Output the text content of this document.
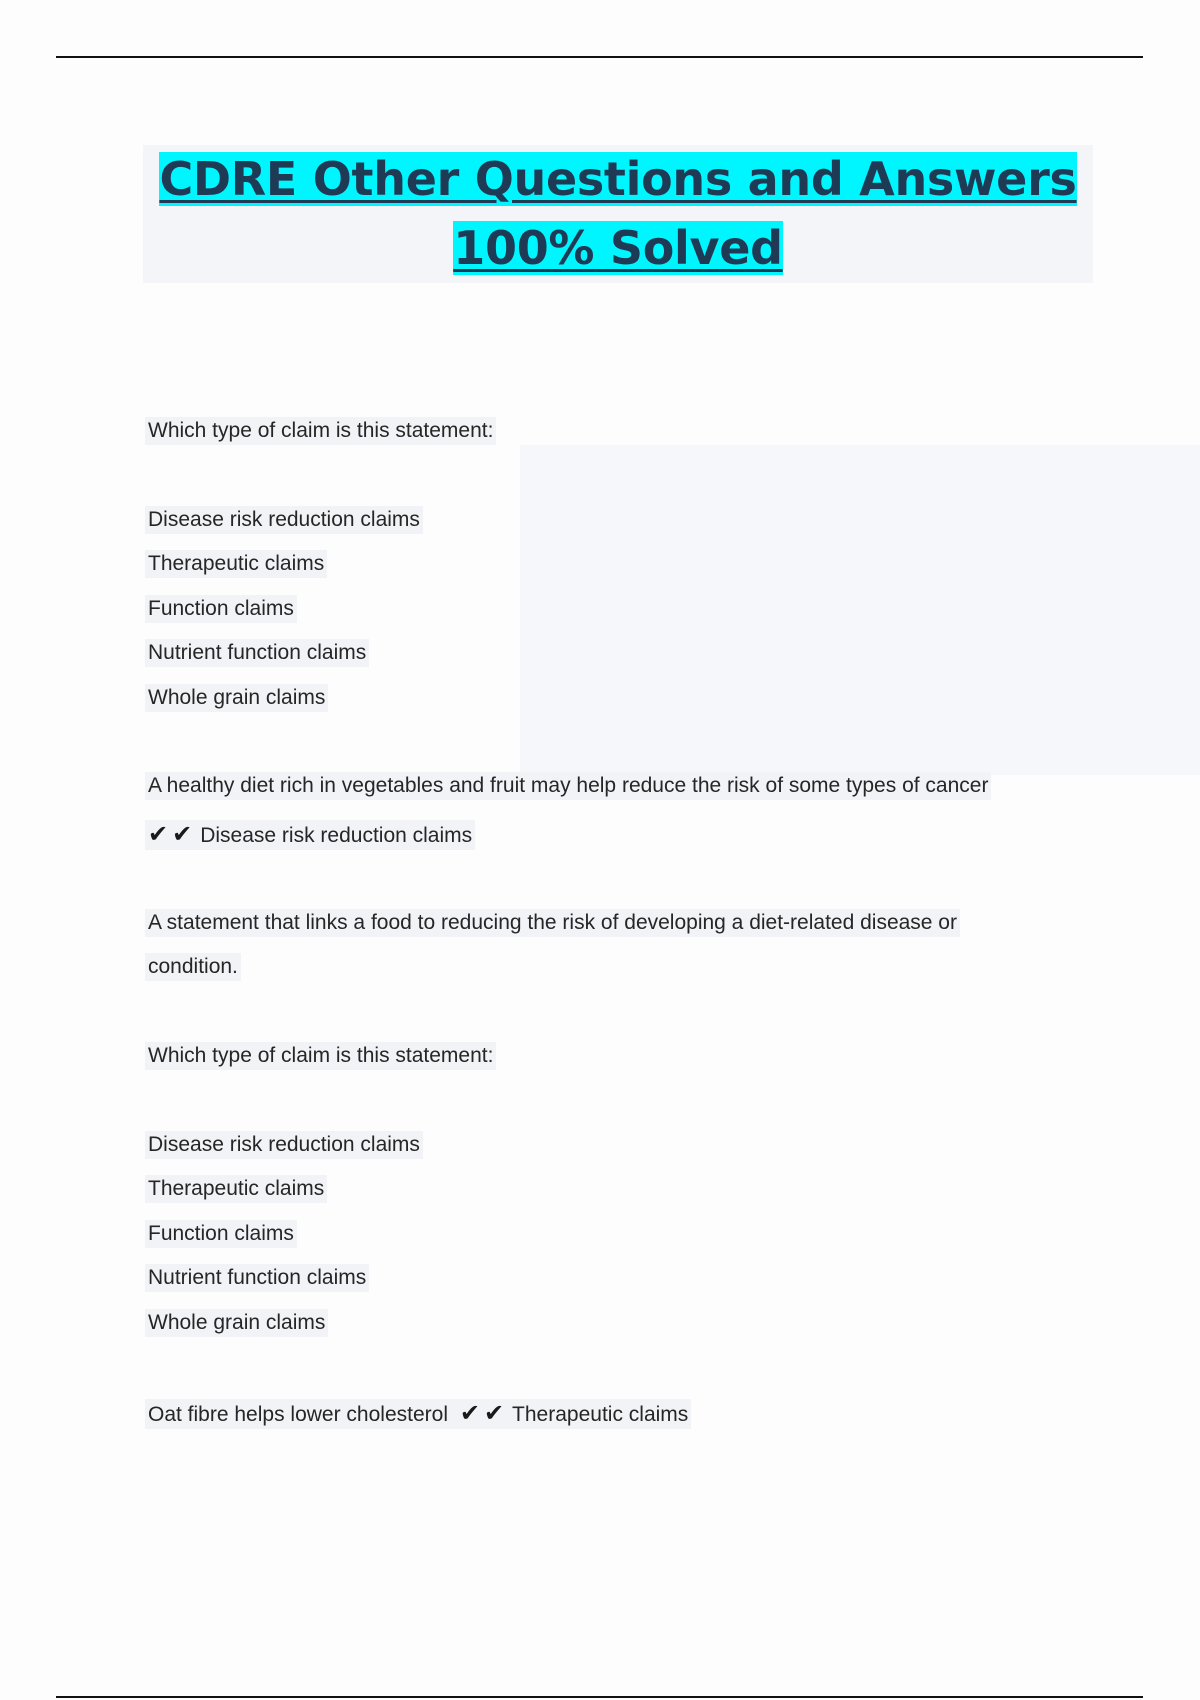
CDRE Other Questions and Answers
100% Solved
Which type of claim is this statement:
Disease risk reduction claims
Therapeutic claims
Function claims
Nutrient function claims
Whole grain claims
A healthy diet rich in vegetables and fruit may help reduce the risk of some types of cancer
✔ ✔ Disease risk reduction claims
A statement that links a food to reducing the risk of developing a diet-related disease or
condition.
Which type of claim is this statement:
Disease risk reduction claims
Therapeutic claims
Function claims
Nutrient function claims
Whole grain claims
Oat fibre helps lower cholesterol ✔ ✔ Therapeutic claims
